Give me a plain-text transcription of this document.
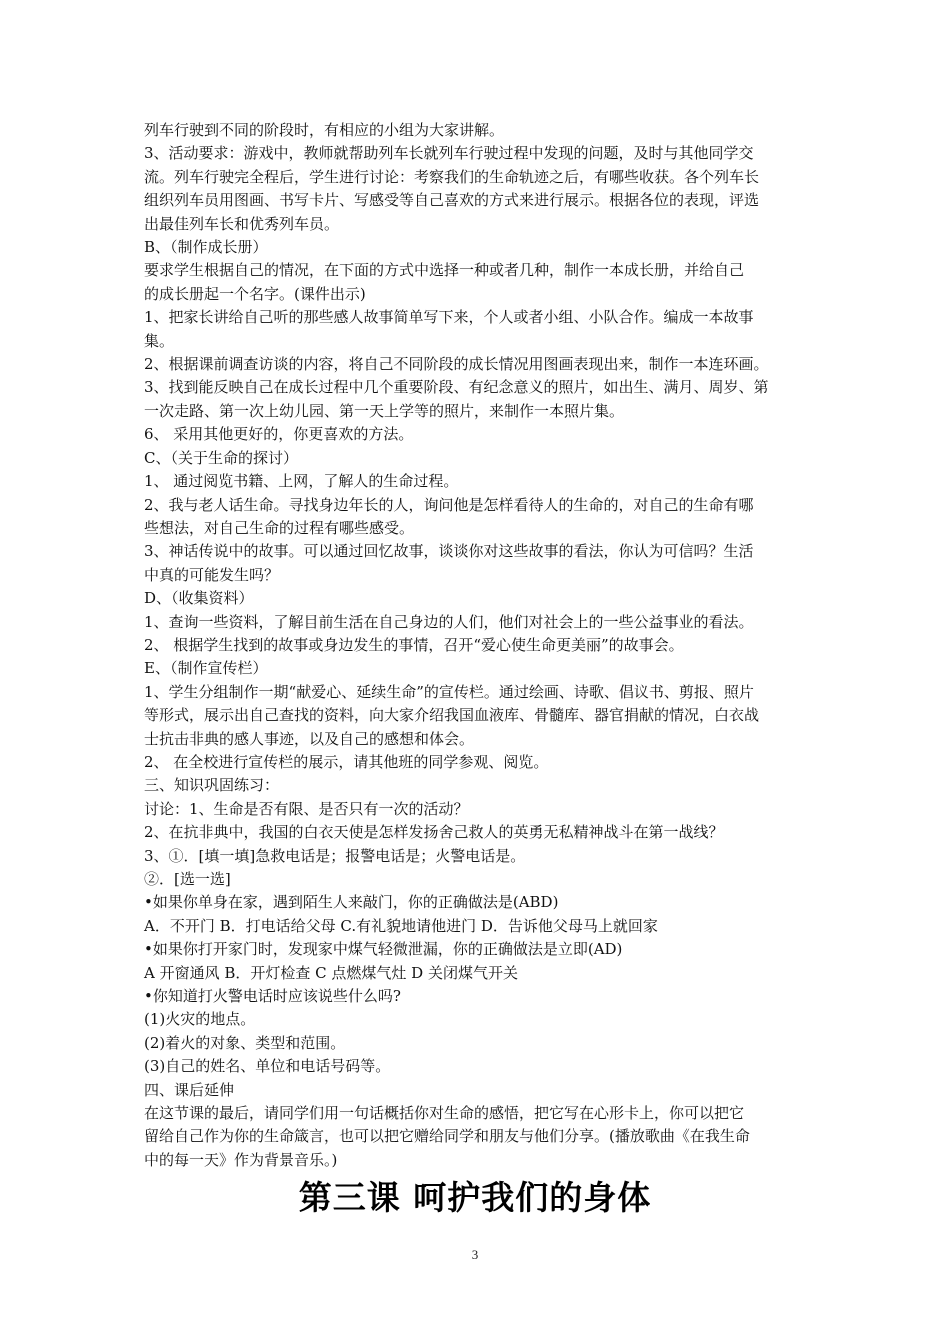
列车行驶到不同的阶段时，有相应的小组为大家讲解。
3、活动要求：游戏中，教师就帮助列车长就列车行驶过程中发现的问题，及时与其他同学交
流。列车行驶完全程后，学生进行讨论：考察我们的生命轨迹之后，有哪些收获。各个列车长
组织列车员用图画、书写卡片、写感受等自己喜欢的方式来进行展示。根据各位的表现，评选
出最佳列车长和优秀列车员。
B、（制作成长册）
要求学生根据自己的情况，在下面的方式中选择一种或者几种，制作一本成长册，并给自己
的成长册起一个名字。(课件出示)
1、把家长讲给自己听的那些感人故事简单写下来，个人或者小组、小队合作。编成一本故事
集。
2、根据课前调查访谈的内容，将自己不同阶段的成长情况用图画表现出来，制作一本连环画。
3、找到能反映自己在成长过程中几个重要阶段、有纪念意义的照片，如出生、满月、周岁、第
一次走路、第一次上幼儿园、第一天上学等的照片，来制作一本照片集。
6、 采用其他更好的，你更喜欢的方法。
C、（关于生命的探讨）
1、 通过阅览书籍、上网，了解人的生命过程。
2、我与老人话生命。寻找身边年长的人，询问他是怎样看待人的生命的，对自己的生命有哪
些想法，对自己生命的过程有哪些感受。
3、神话传说中的故事。可以通过回忆故事，谈谈你对这些故事的看法，你认为可信吗？生活
中真的可能发生吗？
D、（收集资料）
1、查询一些资料，了解目前生活在自己身边的人们，他们对社会上的一些公益事业的看法。
2、 根据学生找到的故事或身边发生的事情，召开“爱心使生命更美丽”的故事会。
E、（制作宣传栏）
1、学生分组制作一期“献爱心、延续生命”的宣传栏。通过绘画、诗歌、倡议书、剪报、照片
等形式，展示出自己查找的资料，向大家介绍我国血液库、骨髓库、器官捐献的情况，白衣战
士抗击非典的感人事迹，以及自己的感想和体会。
2、 在全校进行宣传栏的展示，请其他班的同学参观、阅览。
三、知识巩固练习：
讨论：1、生命是否有限、是否只有一次的活动？
2、在抗非典中，我国的白衣天使是怎样发扬舍己救人的英勇无私精神战斗在第一战线？
3、①．[填一填]急救电话是；报警电话是；火警电话是。
②．[选一选]
•如果你单身在家，遇到陌生人来敲门，你的正确做法是(ABD)
A．不开门 B．打电话给父母 C.有礼貌地请他进门 D．告诉他父母马上就回家
•如果你打开家门时，发现家中煤气轻微泄漏，你的正确做法是立即(AD)
A 开窗通风 B．开灯检查 C 点燃煤气灶 D 关闭煤气开关
•你知道打火警电话时应该说些什么吗?
(1)火灾的地点。
(2)着火的对象、类型和范围。
(3)自己的姓名、单位和电话号码等。
四、课后延伸
在这节课的最后，请同学们用一句话概括你对生命的感悟，把它写在心形卡上，你可以把它
留给自己作为你的生命箴言，也可以把它赠给同学和朋友与他们分享。(播放歌曲《在我生命
中的每一天》作为背景音乐。)
第三课 呵护我们的身体
3
